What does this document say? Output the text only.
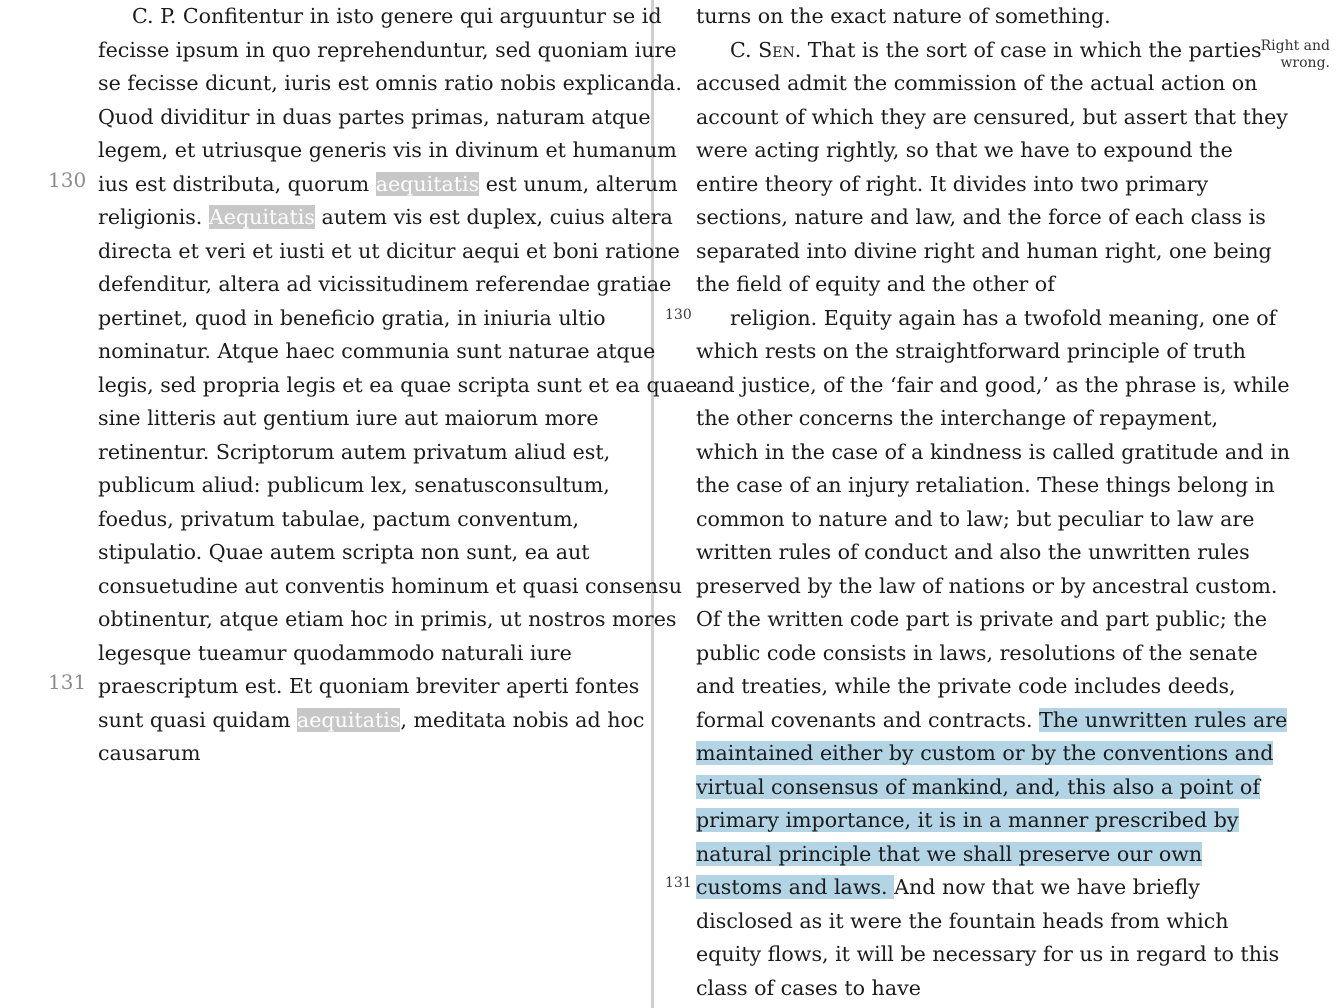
130
131
130
131
Right and wrong.
C. P. Confitentur in isto genere qui arguuntur se id
fecisse ipsum in quo reprehenduntur, sed quoniam iure
se fecisse dicunt, iuris est omnis ratio nobis explicanda.
Quod dividitur in duas partes primas, naturam atque
legem, et utriusque generis vis in divinum et humanum
ius est distributa, quorum aequitatis est unum, alterum
religionis. Aequitatis autem vis est duplex, cuius altera
directa et veri et iusti et ut dicitur aequi et boni ratione
defenditur, altera ad vicissitudinem referendae gratiae
pertinet, quod in beneficio gratia, in iniuria ultio
nominatur. Atque haec communia sunt naturae atque
legis, sed propria legis et ea quae scripta sunt et ea quae
sine litteris aut gentium iure aut maiorum more
retinentur. Scriptorum autem privatum aliud est,
publicum aliud: publicum lex, senatusconsultum,
foedus, privatum tabulae, pactum conventum,
stipulatio. Quae autem scripta non sunt, ea aut
consuetudine aut conventis hominum et quasi consensu
obtinentur, atque etiam hoc in primis, ut nostros mores
legesque tueamur quodammodo naturali iure
praescriptum est. Et quoniam breviter aperti fontes
sunt quasi quidam aequitatis, meditata nobis ad hoc
causarum
turns on the exact nature of something.
C. Sen. That is the sort of case in which the parties
accused admit the commission of the actual action on
account of which they are censured, but assert that they
were acting rightly, so that we have to expound the
entire theory of right. It divides into two primary
sections, nature and law, and the force of each class is
separated into divine right and human right, one being
the field of equity and the other of
religion. Equity again has a twofold meaning, one of
which rests on the straightforward principle of truth
and justice, of the ‘fair and good,’ as the phrase is, while
the other concerns the interchange of repayment,
which in the case of a kindness is called gratitude and in
the case of an injury retaliation. These things belong in
common to nature and to law; but peculiar to law are
written rules of conduct and also the unwritten rules
preserved by the law of nations or by ancestral custom.
Of the written code part is private and part public; the
public code consists in laws, resolutions of the senate
and treaties, while the private code includes deeds,
formal covenants and contracts. The unwritten rules are
maintained either by custom or by the conventions and
virtual consensus of mankind, and, this also a point of
primary importance, it is in a manner prescribed by
natural principle that we shall preserve our own
customs and laws. And now that we have briefly
disclosed as it were the fountain heads from which
equity flows, it will be necessary for us in regard to this
class of cases to have
